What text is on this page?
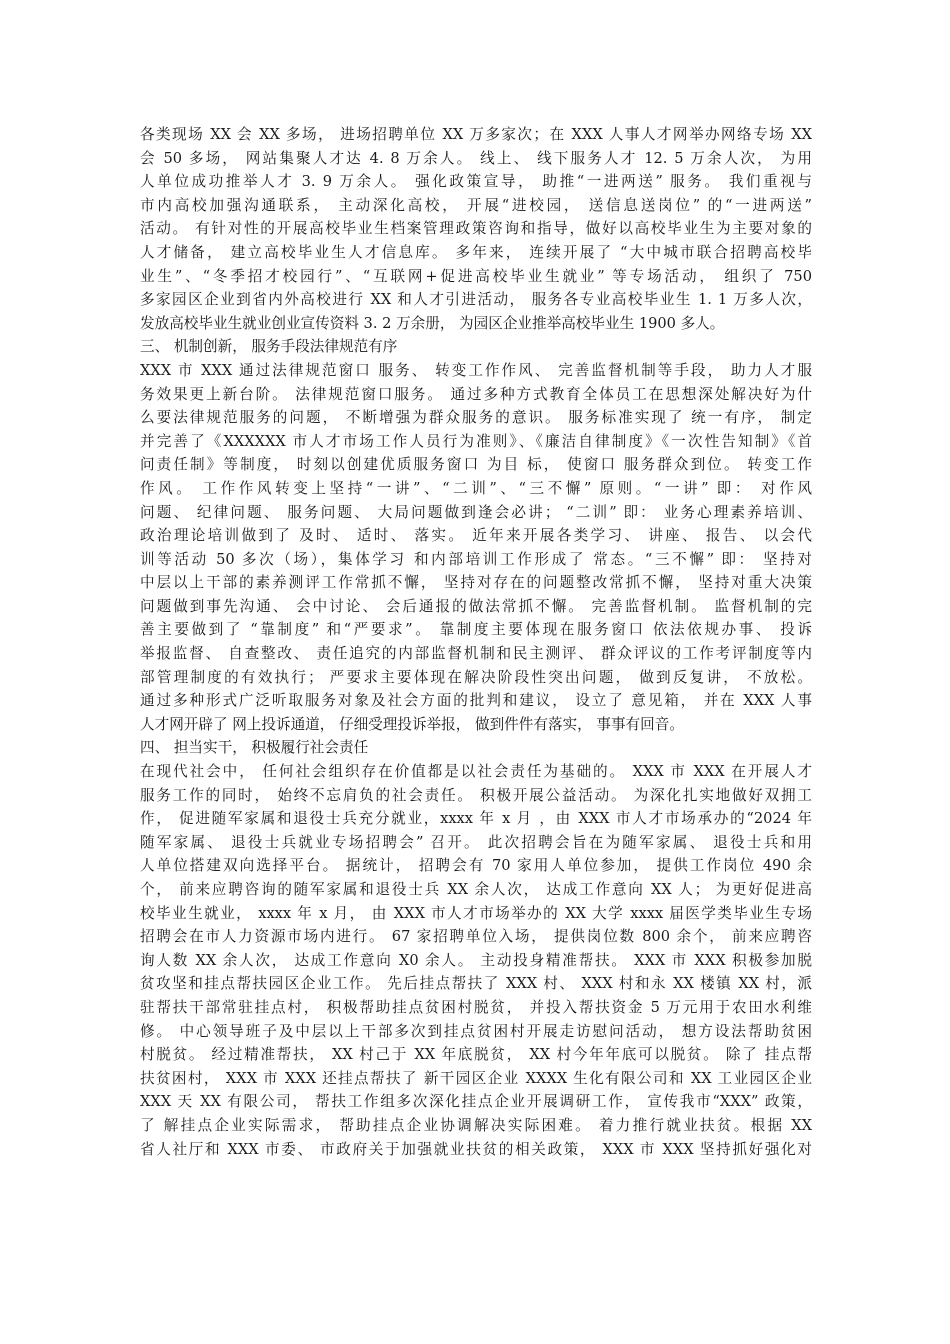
各类现场 XX 会 XX 多场， 进场招聘单位 XX 万多家次；在 XXX 人事人才网举办网络专场 XX
会 50 多场， 网站集聚人才达 4. 8 万余人。 线上、 线下服务人才 12. 5 万余人次， 为用
人单位成功推举人才 3. 9 万余人。 强化政策宣导， 助推“一进两送” 服务。 我们重视与
市内高校加强沟通联系， 主动深化高校， 开展“进校园， 送信息送岗位” 的“一进两送”
活动。 有针对性的开展高校毕业生档案管理政策咨询和指导，做好以高校毕业生为主要对象的
人才储备， 建立高校毕业生人才信息库。 多年来， 连续开展了 “大中城市联合招聘高校毕
业生”、“冬季招才校园行”、“互联网+促进高校毕业生就业” 等专场活动， 组织了 750
多家园区企业到省内外高校进行 XX 和人才引进活动， 服务各专业高校毕业生 1. 1 万多人次，
发放高校毕业生就业创业宣传资料 3. 2 万余册， 为园区企业推举高校毕业生 1900 多人。
三、 机制创新， 服务手段法律规范有序
XXX 市 XXX 通过法律规范窗口 服务、 转变工作作风、 完善监督机制等手段， 助力人才服
务效果更上新台阶。 法律规范窗口服务。 通过多种方式教育全体员工在思想深处解决好为什
么要法律规范服务的问题， 不断增强为群众服务的意识。 服务标准实现了 统一有序， 制定
并完善了《XXXXXX 市人才市场工作人员行为准则》、《廉洁自律制度》《一次性告知制》《首
问责任制》等制度， 时刻以创建优质服务窗口 为目 标， 使窗口 服务群众到位。 转变工作
作风。 工作作风转变上坚持“一讲”、“二训”、“三不懈” 原则。“一讲” 即： 对作风
问题、 纪律问题、 服务问题、 大局问题做到逢会必讲； “二训” 即： 业务心理素养培训、
政治理论培训做到了 及时、 适时、 落实。 近年来开展各类学习、 讲座、 报告、 以会代
训等活动 50 多次（场），集体学习 和内部培训工作形成了 常态。“三不懈” 即： 坚持对
中层以上干部的素养测评工作常抓不懈， 坚持对存在的问题整改常抓不懈， 坚持对重大决策
问题做到事先沟通、 会中讨论、 会后通报的做法常抓不懈。 完善监督机制。 监督机制的完
善主要做到了 “靠制度” 和“严要求”。 靠制度主要体现在服务窗口 依法依规办事、 投诉
举报监督、 自查整改、 责任追究的内部监督机制和民主测评、 群众评议的工作考评制度等内
部管理制度的有效执行； 严要求主要体现在解决阶段性突出问题， 做到反复讲， 不放松。
通过多种形式广泛听取服务对象及社会方面的批判和建议， 设立了 意见箱， 并在 XXX 人事
人才网开辟了 网上投诉通道， 仔细受理投诉举报， 做到件件有落实， 事事有回音。
四、 担当实干， 积极履行社会责任
在现代社会中， 任何社会组织存在价值都是以社会责任为基础的。 XXX 市 XXX 在开展人才
服务工作的同时， 始终不忘肩负的社会责任。 积极开展公益活动。 为深化扎实地做好双拥工
作， 促进随军家属和退役士兵充分就业，xxxx 年 x 月 ，由 XXX 市人才市场承办的“2024 年
随军家属、 退役士兵就业专场招聘会” 召开。 此次招聘会旨在为随军家属、 退役士兵和用
人单位搭建双向选择平台。 据统计， 招聘会有 70 家用人单位参加， 提供工作岗位 490 余
个， 前来应聘咨询的随军家属和退役士兵 XX 余人次， 达成工作意向 XX 人； 为更好促进高
校毕业生就业， xxxx 年 x 月， 由 XXX 市人才市场举办的 XX 大学 xxxx 届医学类毕业生专场
招聘会在市人力资源市场内进行。 67 家招聘单位入场， 提供岗位数 800 余个， 前来应聘咨
询人数 XX 余人次， 达成工作意向 X0 余人。 主动投身精准帮扶。 XXX 市 XXX 积极参加脱
贫攻坚和挂点帮扶园区企业工作。 先后挂点帮扶了 XXX 村、 XXX 村和永 XX 楼镇 XX 村，派
驻帮扶干部常驻挂点村， 积极帮助挂点贫困村脱贫， 并投入帮扶资金 5 万元用于农田水利维
修。 中心领导班子及中层以上干部多次到挂点贫困村开展走访慰问活动， 想方设法帮助贫困
村脱贫。 经过精准帮扶， XX 村己于 XX 年底脱贫， XX 村今年年底可以脱贫。 除了 挂点帮
扶贫困村， XXX 市 XXX 还挂点帮扶了 新干园区企业 XXXX 生化有限公司和 XX 工业园区企业
XXX 天 XX 有限公司， 帮扶工作组多次深化挂点企业开展调研工作， 宣传我市“XXX” 政策，
了 解挂点企业实际需求， 帮助挂点企业协调解决实际困难。 着力推行就业扶贫。根据 XX
省人社厅和 XXX 市委、 市政府关于加强就业扶贫的相关政策， XXX 市 XXX 坚持抓好强化对
